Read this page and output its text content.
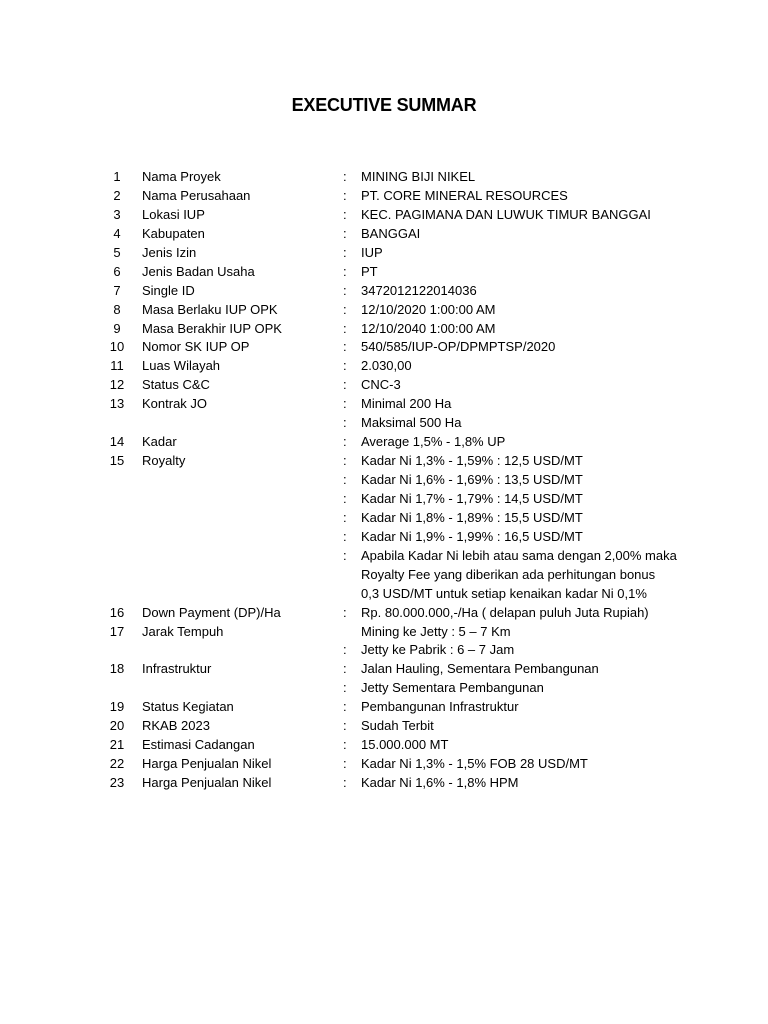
EXECUTIVE SUMMAR
1	Nama Proyek	: MINING BIJI NIKEL
2	Nama Perusahaan	: PT. CORE MINERAL RESOURCES
3	Lokasi IUP	: KEC. PAGIMANA DAN LUWUK TIMUR BANGGAI
4	Kabupaten	: BANGGAI
5	Jenis Izin	: IUP
6	Jenis Badan Usaha	: PT
7	Single ID	: 3472012122014036
8	Masa Berlaku IUP OPK	: 12/10/2020 1:00:00 AM
9	Masa Berakhir IUP OPK	: 12/10/2040 1:00:00 AM
10	Nomor SK IUP OP	: 540/585/IUP-OP/DPMPTSP/2020
11	Luas Wilayah	: 2.030,00
12	Status C&C	: CNC-3
13	Kontrak JO	: Minimal 200 Ha
: Maksimal 500 Ha
14	Kadar	: Average 1,5% - 1,8% UP
15	Royalty	: Kadar Ni 1,3% - 1,59% : 12,5 USD/MT
: Kadar Ni 1,6% - 1,69% : 13,5 USD/MT
: Kadar Ni 1,7% - 1,79% : 14,5 USD/MT
: Kadar Ni 1,8% - 1,89% : 15,5 USD/MT
: Kadar Ni 1,9% - 1,99% : 16,5 USD/MT
: Apabila Kadar Ni lebih atau sama dengan 2,00% maka
Royalty Fee yang diberikan ada perhitungan bonus
0,3 USD/MT untuk setiap kenaikan kadar Ni 0,1%
16	Down Payment (DP)/Ha	: Rp. 80.000.000,-/Ha ( delapan puluh Juta Rupiah)
17	Jarak Tempuh	Mining ke Jetty : 5 – 7 Km
: Jetty ke Pabrik : 6 – 7 Jam
18	Infrastruktur	: Jalan Hauling, Sementara Pembangunan
: Jetty Sementara Pembangunan
19	Status Kegiatan	: Pembangunan Infrastruktur
20	RKAB 2023	: Sudah Terbit
21	Estimasi Cadangan	: 15.000.000 MT
22	Harga Penjualan Nikel	: Kadar Ni 1,3% - 1,5% FOB 28 USD/MT
23	Harga Penjualan Nikel	: Kadar Ni 1,6% - 1,8% HPM
